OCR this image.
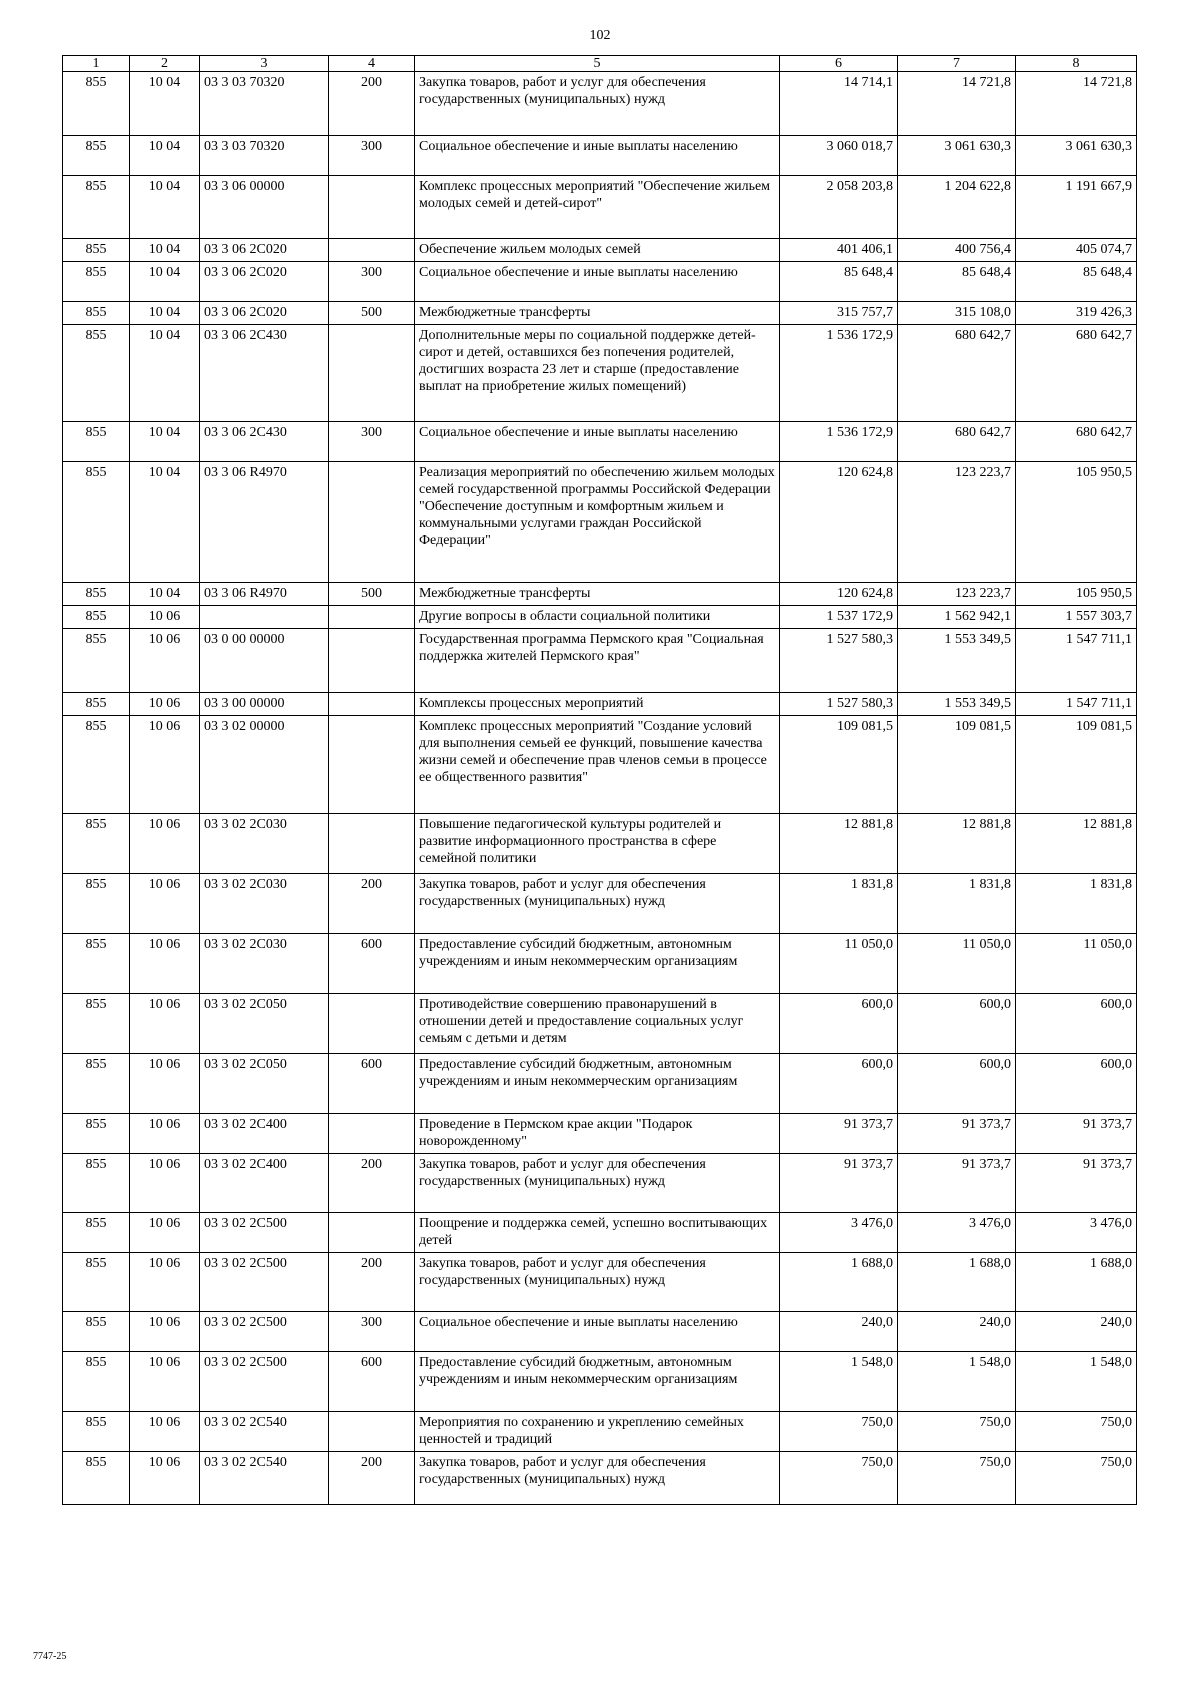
102
1	2	3	4	5	6	7	8
855	10 04	03 3 03 70320	200	Закупка товаров, работ и услуг для обеспечения государственных (муниципальных) нужд	14 714,1	14 721,8	14 721,8
855	10 04	03 3 03 70320	300	Социальное обеспечение и иные выплаты населению	3 060 018,7	3 061 630,3	3 061 630,3
855	10 04	03 3 06 00000		Комплекс процессных мероприятий "Обеспечение жильем молодых семей и детей-сирот"	2 058 203,8	1 204 622,8	1 191 667,9
855	10 04	03 3 06 2С020		Обеспечение жильем молодых семей	401 406,1	400 756,4	405 074,7
855	10 04	03 3 06 2С020	300	Социальное обеспечение и иные выплаты населению	85 648,4	85 648,4	85 648,4
855	10 04	03 3 06 2С020	500	Межбюджетные трансферты	315 757,7	315 108,0	319 426,3
855	10 04	03 3 06 2С430		Дополнительные меры по социальной поддержке детей-сирот и детей, оставшихся без попечения родителей, достигших возраста 23 лет и старше (предоставление выплат на приобретение жилых помещений)	1 536 172,9	680 642,7	680 642,7
855	10 04	03 3 06 2С430	300	Социальное обеспечение и иные выплаты населению	1 536 172,9	680 642,7	680 642,7
855	10 04	03 3 06 R4970		Реализация мероприятий по обеспечению жильем молодых семей государственной программы Российской Федерации "Обеспечение доступным и комфортным жильем и коммунальными услугами граждан Российской Федерации"	120 624,8	123 223,7	105 950,5
855	10 04	03 3 06 R4970	500	Межбюджетные трансферты	120 624,8	123 223,7	105 950,5
855	10 06			Другие вопросы в области социальной политики	1 537 172,9	1 562 942,1	1 557 303,7
855	10 06	03 0 00 00000		Государственная программа Пермского края "Социальная поддержка жителей Пермского края"	1 527 580,3	1 553 349,5	1 547 711,1
855	10 06	03 3 00 00000		Комплексы процессных мероприятий	1 527 580,3	1 553 349,5	1 547 711,1
855	10 06	03 3 02 00000		Комплекс процессных мероприятий "Создание условий для выполнения семьей ее функций, повышение качества жизни семей и обеспечение прав членов семьи в процессе ее общественного развития"	109 081,5	109 081,5	109 081,5
855	10 06	03 3 02 2С030		Повышение педагогической культуры родителей и развитие информационного пространства в сфере семейной политики	12 881,8	12 881,8	12 881,8
855	10 06	03 3 02 2С030	200	Закупка товаров, работ и услуг для обеспечения государственных (муниципальных) нужд	1 831,8	1 831,8	1 831,8
855	10 06	03 3 02 2С030	600	Предоставление субсидий бюджетным, автономным учреждениям и иным некоммерческим организациям	11 050,0	11 050,0	11 050,0
855	10 06	03 3 02 2С050		Противодействие совершению правонарушений в отношении детей и предоставление социальных услуг семьям с детьми и детям	600,0	600,0	600,0
855	10 06	03 3 02 2С050	600	Предоставление субсидий бюджетным, автономным учреждениям и иным некоммерческим организациям	600,0	600,0	600,0
855	10 06	03 3 02 2С400		Проведение в Пермском крае акции "Подарок новорожденному"	91 373,7	91 373,7	91 373,7
855	10 06	03 3 02 2С400	200	Закупка товаров, работ и услуг для обеспечения государственных (муниципальных) нужд	91 373,7	91 373,7	91 373,7
855	10 06	03 3 02 2С500		Поощрение и поддержка семей, успешно воспитывающих детей	3 476,0	3 476,0	3 476,0
855	10 06	03 3 02 2С500	200	Закупка товаров, работ и услуг для обеспечения государственных (муниципальных) нужд	1 688,0	1 688,0	1 688,0
855	10 06	03 3 02 2С500	300	Социальное обеспечение и иные выплаты населению	240,0	240,0	240,0
855	10 06	03 3 02 2С500	600	Предоставление субсидий бюджетным, автономным учреждениям и иным некоммерческим организациям	1 548,0	1 548,0	1 548,0
855	10 06	03 3 02 2С540		Мероприятия по сохранению и укреплению семейных ценностей и традиций	750,0	750,0	750,0
855	10 06	03 3 02 2С540	200	Закупка товаров, работ и услуг для обеспечения государственных (муниципальных) нужд	750,0	750,0	750,0
7747-25
